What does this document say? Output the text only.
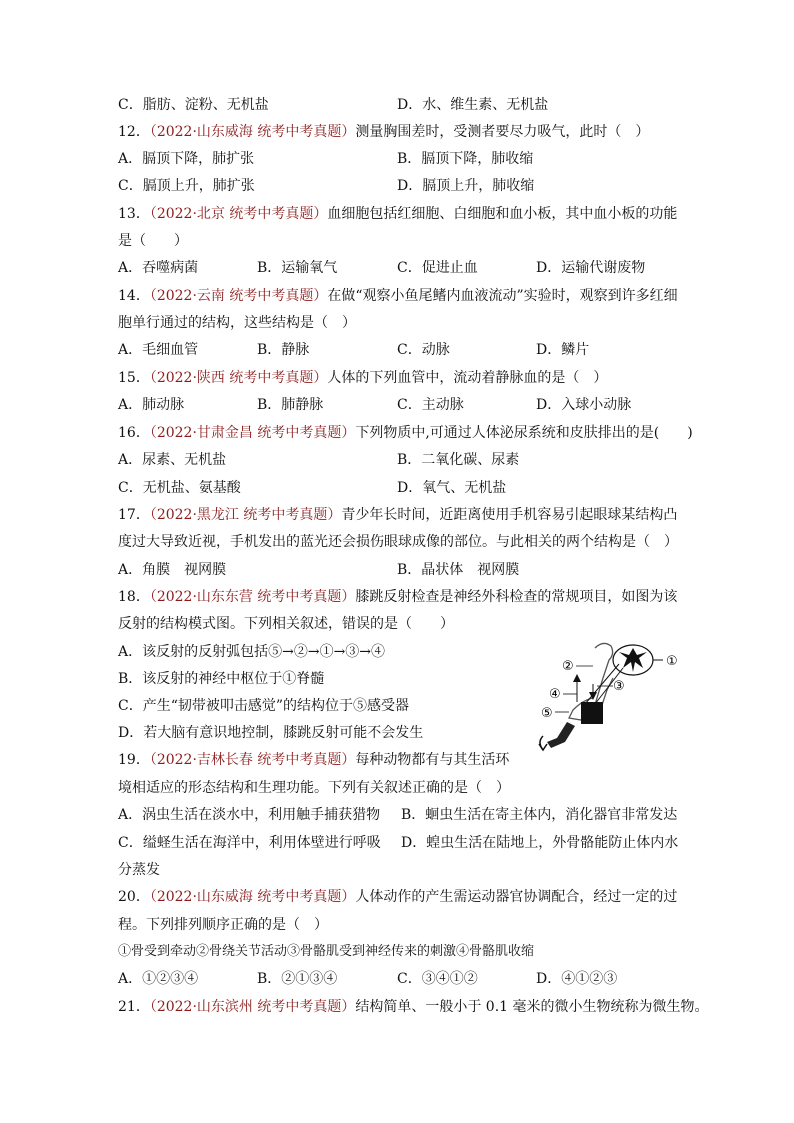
C．脂肪、淀粉、无机盐	D．水、维生素、无机盐
12．（2022·山东威海 统考中考真题）测量胸围差时，受测者要尽力吸气，此时（　）
A．膈顶下降，肺扩张	B．膈顶下降，肺收缩
C．膈顶上升，肺扩张	D．膈顶上升，肺收缩
13．（2022·北京 统考中考真题）血细胞包括红细胞、白细胞和血小板，其中血小板的功能
是（　　）
A．吞噬病菌	B．运输氧气	C．促进止血	D．运输代谢废物
14．（2022·云南 统考中考真题）在做“观察小鱼尾鳍内血液流动”实验时，观察到许多红细
胞单行通过的结构，这些结构是（　）
A．毛细血管	B．静脉	C．动脉	D．鳞片
15．（2022·陕西 统考中考真题）人体的下列血管中，流动着静脉血的是（　）
A．肺动脉	B．肺静脉	C．主动脉	D．入球小动脉
16．（2022·甘肃金昌 统考中考真题）下列物质中,可通过人体泌尿系统和皮肤排出的是(　　)
A．尿素、无机盐	B．二氧化碳、尿素
C．无机盐、氨基酸	D．氧气、无机盐
17．（2022·黑龙江 统考中考真题）青少年长时间，近距离使用手机容易引起眼球某结构凸
度过大导致近视，手机发出的蓝光还会损伤眼球成像的部位。与此相关的两个结构是（　）
A．角膜　视网膜	B．晶状体　视网膜
18．（2022·山东东营 统考中考真题）膝跳反射检查是神经外科检查的常规项目，如图为该
反射的结构模式图。下列相关叙述，错误的是（　　）
A．该反射的反射弧包括⑤→②→①→③→④
B．该反射的神经中枢位于①脊髓
C．产生“韧带被叩击感觉”的结构位于⑤感受器
D．若大脑有意识地控制，膝跳反射可能不会发生
①
②
③
④
⑤
19．（2022·吉林长春 统考中考真题）每种动物都有与其生活环
境相适应的形态结构和生理功能。下列有关叙述正确的是（　）
A．涡虫生活在淡水中，利用触手捕获猎物 B．蛔虫生活在寄主体内，消化器官非常发达
C．缢蛏生活在海洋中，利用体壁进行呼吸 D．蝗虫生活在陆地上，外骨骼能防止体内水
分蒸发
20．（2022·山东威海 统考中考真题）人体动作的产生需运动器官协调配合，经过一定的过
程。下列排列顺序正确的是（　）
①骨受到牵动②骨绕关节活动③骨骼肌受到神经传来的刺激④骨骼肌收缩
A．①②③④	B．②①③④	C．③④①②	D．④①②③
21．（2022·山东滨州 统考中考真题）结构简单、一般小于 0.1 毫米的微小生物统称为微生物。
